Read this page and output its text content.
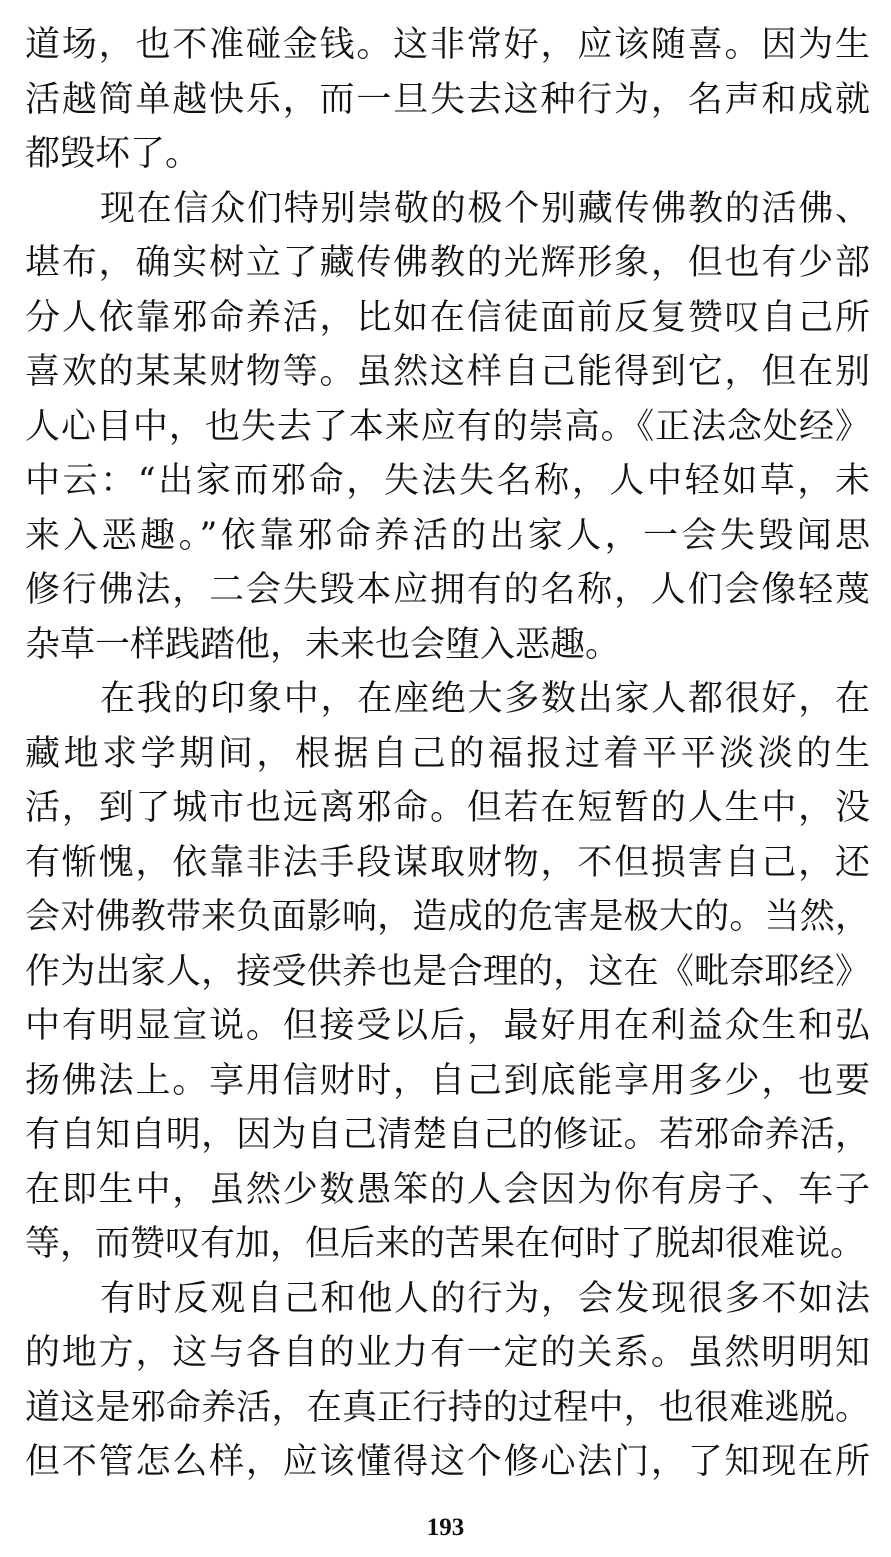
道场，也不准碰金钱。这非常好，应该随喜。因为生
活越简单越快乐，而一旦失去这种行为，名声和成就
都毁坏了。
现在信众们特别崇敬的极个别藏传佛教的活佛、
堪布，确实树立了藏传佛教的光辉形象，但也有少部
分人依靠邪命养活，比如在信徒面前反复赞叹自己所
喜欢的某某财物等。虽然这样自己能得到它，但在别
人心目中，也失去了本来应有的崇高。《正法念处经》
中云：“出家而邪命，失法失名称，人中轻如草，未
来入恶趣。”依靠邪命养活的出家人，一会失毁闻思
修行佛法，二会失毁本应拥有的名称，人们会像轻蔑
杂草一样践踏他，未来也会堕入恶趣。
在我的印象中，在座绝大多数出家人都很好，在
藏地求学期间，根据自己的福报过着平平淡淡的生
活，到了城市也远离邪命。但若在短暂的人生中，没
有惭愧，依靠非法手段谋取财物，不但损害自己，还
会对佛教带来负面影响，造成的危害是极大的。当然，
作为出家人，接受供养也是合理的，这在《毗奈耶经》
中有明显宣说。但接受以后，最好用在利益众生和弘
扬佛法上。享用信财时，自己到底能享用多少，也要
有自知自明，因为自己清楚自己的修证。若邪命养活，
在即生中，虽然少数愚笨的人会因为你有房子、车子
等，而赞叹有加，但后来的苦果在何时了脱却很难说。
有时反观自己和他人的行为，会发现很多不如法
的地方，这与各自的业力有一定的关系。虽然明明知
道这是邪命养活，在真正行持的过程中，也很难逃脱。
但不管怎么样，应该懂得这个修心法门，了知现在所
193
